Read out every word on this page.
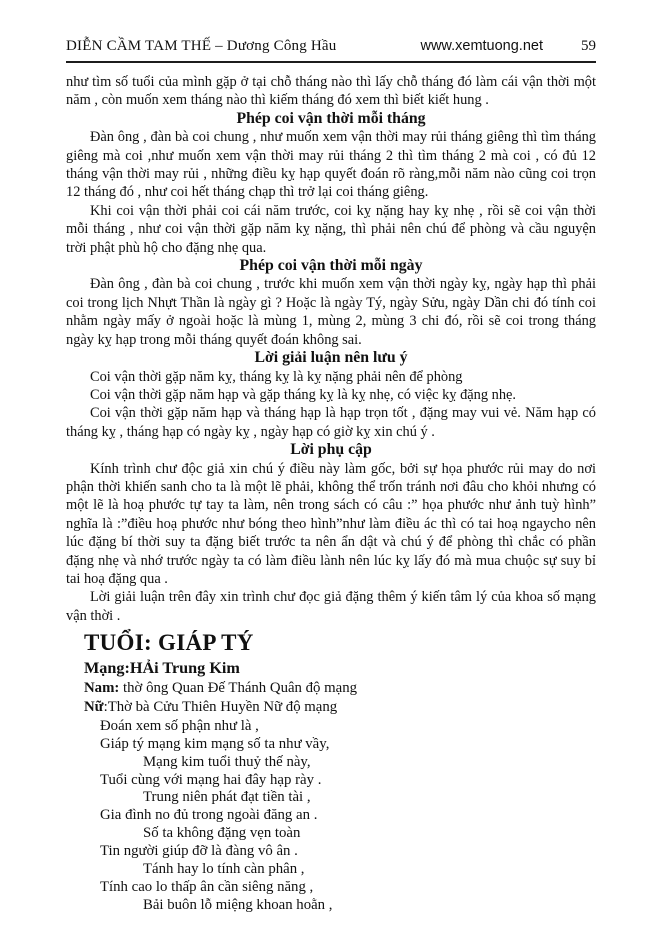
DIỄN CẦM TAM THẾ – Dương Công Hầu	www.xemtuong.net	59

như tìm số tuổi của mình gặp ở tại chỗ tháng nào thì lấy chỗ tháng đó làm cái vận thời một năm , còn muốn xem tháng nào thì kiếm tháng đó xem thì biết kiết hung .

Phép coi vận thời mỗi tháng

Đàn ông , đàn bà coi chung , như muốn xem vận thời may rủi tháng giêng thì tìm tháng giêng mà coi ,như muốn xem vận thời may rủi tháng 2 thì tìm tháng 2 mà coi , có đủ 12 tháng vận thời may rủi , những điều kỵ hạp quyết đoán rõ ràng,mỗi năm nào cũng coi trọn 12 tháng đó , như coi hết tháng chạp thì trở lại coi tháng giêng.

Khi coi vận thời phải coi cái năm trước, coi kỵ nặng hay kỵ nhẹ , rồi sẽ coi vận thời mỗi tháng , như coi vận thời gặp năm kỵ nặng, thì phải nên chú để phòng và cầu nguyện trời phật phù hộ cho đặng nhẹ qua.

Phép coi vận thời mỗi ngày

Đàn ông , đàn bà coi chung , trước khi muốn xem vận thời ngày kỵ, ngày hạp thì phải coi trong lịch Nhựt Thần là ngày gì ? Hoặc là ngày Tý, ngày Sửu, ngày Dần chi đó tính coi nhằm ngày mấy ở ngoài hoặc là mùng 1, mùng 2, mùng 3 chi đó, rồi sẽ coi trong tháng ngày kỵ hạp trong mỗi tháng quyết đoán không sai.

Lời giải luận nên lưu ý

Coi vận thời gặp năm kỵ, tháng kỵ là kỵ nặng phải nên để phòng

Coi vận thời gặp năm hạp và gặp tháng kỵ là kỵ nhẹ, có việc kỵ đặng nhẹ.

Coi vận thời gặp năm hạp và tháng hạp là hạp trọn tốt , đặng may vui vẻ. Năm hạp có tháng kỵ , tháng hạp có ngày kỵ , ngày hạp có giờ kỵ xin chú ý .

Lời phụ cập

Kính trình chư độc giả xin chú ý điều này làm gốc, bởi sự họa phước rủi may do nơi phận thời khiến sanh cho ta là một lẽ phải, không thể trốn tránh nơi đâu cho khỏi nhưng có một lẽ là hoạ phước tự tay ta làm, nên trong sách có câu :” họa phước như ảnh tuỳ hình” nghĩa là :”điều hoạ phước như bóng theo hình”như làm điều ác thì có tai hoạ ngaycho nên lúc đặng bí thời suy ta đặng biết trước ta nên ẩn dật và chú ý để phòng thì chắc có phần đặng nhẹ và nhớ trước ngày ta có làm điều lành nên lúc kỵ lấy đó mà mua chuộc sự suy bỉ tai hoạ đặng qua .

Lời giải luận trên đây xin trình chư đọc giả đặng thêm ý kiến tâm lý của khoa số mạng vận thời .

TUỔI: GIÁP TÝ
Mạng:HẢi Trung Kim
Nam: thờ ông Quan Đế Thánh Quân độ mạng
Nữ:Thờ bà Cửu Thiên Huyền Nữ độ mạng
Đoán xem số phận như là ,
Giáp tý mạng kim mạng số ta như vầy,
Mạng kim tuổi thuỷ thế này,
Tuổi cùng với mạng hai đây hạp rày .
Trung niên phát đạt tiền tài ,
Gia đình no đủ trong ngoài đăng an .
Số ta không đặng vẹn toàn
Tin người giúp đỡ là đàng vô ân .
Tánh hay lo tính càn phân ,
Tính cao lo thấp ân cần siêng năng ,
Bải buôn lỗ miệng khoan hoằn ,
